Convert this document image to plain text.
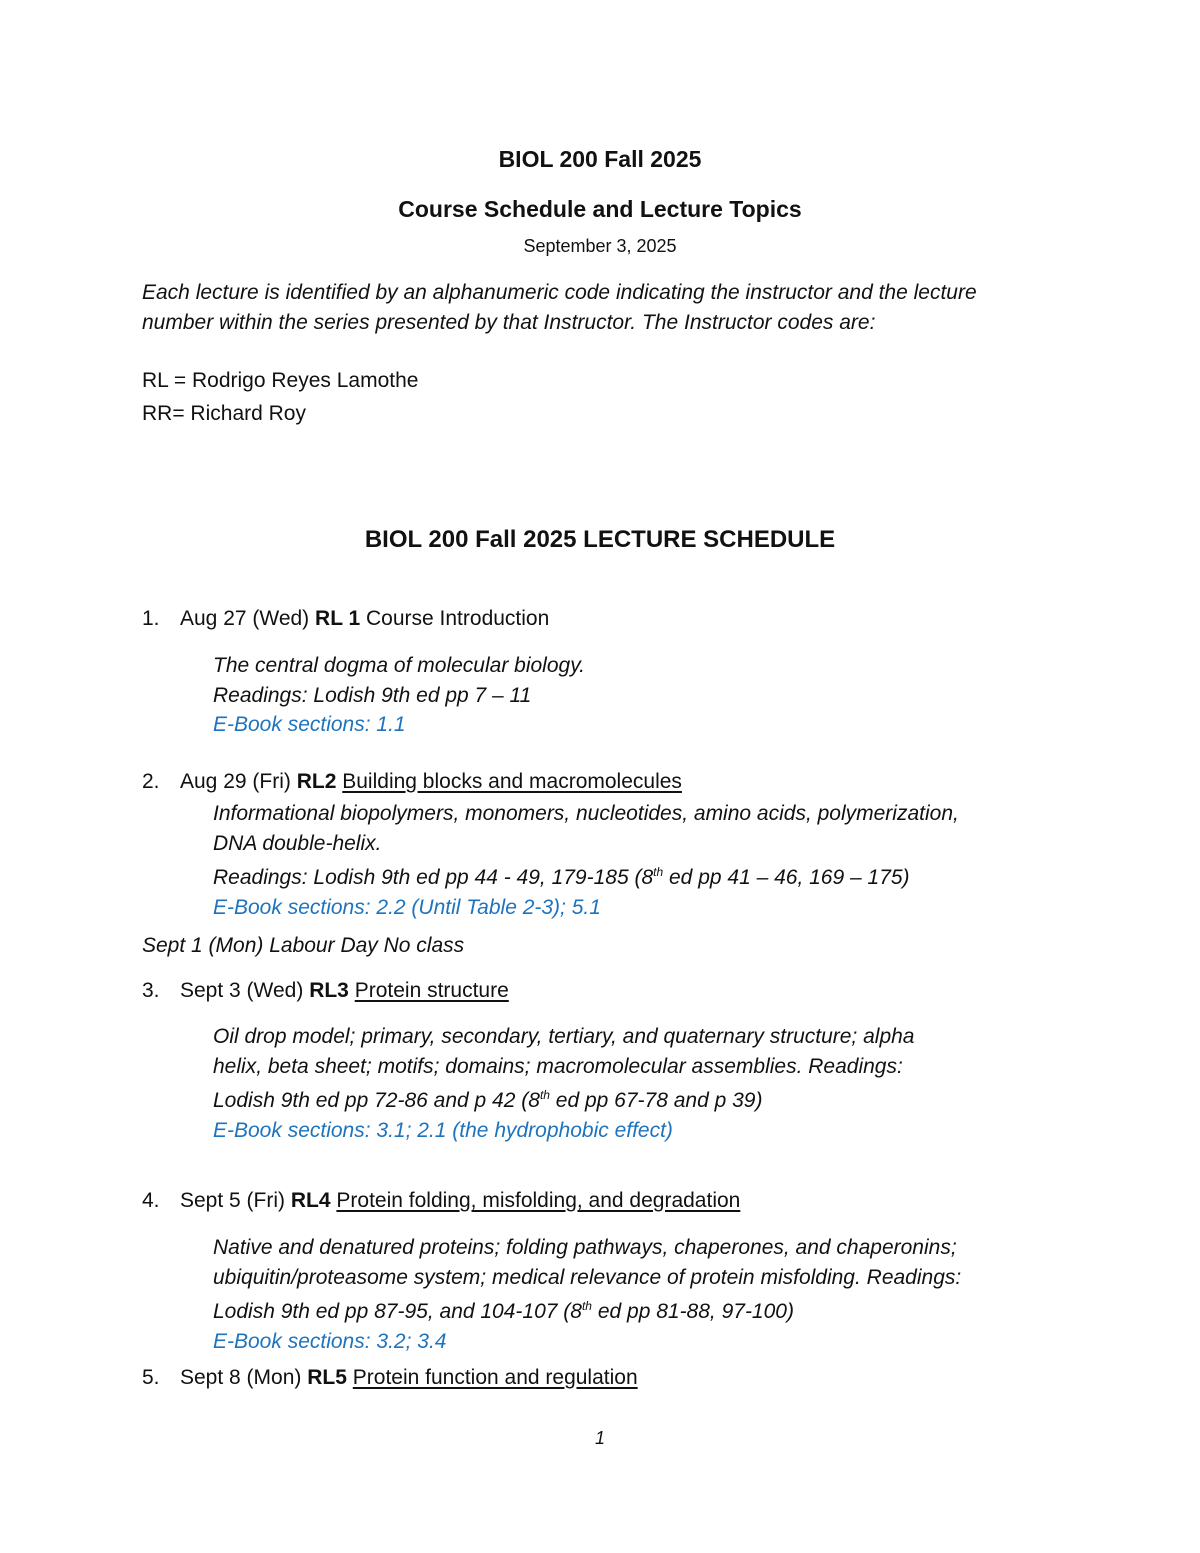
BIOL 200 Fall 2025
Course Schedule and Lecture Topics
September 3, 2025
Each lecture is identified by an alphanumeric code indicating the instructor and the lecture
number within the series presented by that Instructor. The Instructor codes are:
RL = Rodrigo Reyes Lamothe
RR= Richard Roy
BIOL 200 Fall 2025 LECTURE SCHEDULE
1. Aug 27 (Wed) RL 1 Course Introduction
The central dogma of molecular biology.
Readings: Lodish 9th ed pp 7 – 11
E-Book sections: 1.1
2. Aug 29 (Fri) RL2 Building blocks and macromolecules
Informational biopolymers, monomers, nucleotides, amino acids, polymerization,
DNA double-helix.
Readings: Lodish 9th ed pp 44 - 49, 179-185 (8th ed pp 41 – 46, 169 – 175)
E-Book sections: 2.2 (Until Table 2-3); 5.1
Sept 1 (Mon) Labour Day No class
3. Sept 3 (Wed) RL3 Protein structure
Oil drop model; primary, secondary, tertiary, and quaternary structure; alpha
helix, beta sheet; motifs; domains; macromolecular assemblies. Readings:
Lodish 9th ed pp 72-86 and p 42 (8th ed pp 67-78 and p 39)
E-Book sections: 3.1; 2.1 (the hydrophobic effect)
4. Sept 5 (Fri) RL4 Protein folding, misfolding, and degradation
Native and denatured proteins; folding pathways, chaperones, and chaperonins;
ubiquitin/proteasome system; medical relevance of protein misfolding. Readings:
Lodish 9th ed pp 87-95, and 104-107 (8th ed pp 81-88, 97-100)
E-Book sections: 3.2; 3.4
5. Sept 8 (Mon) RL5 Protein function and regulation
1
